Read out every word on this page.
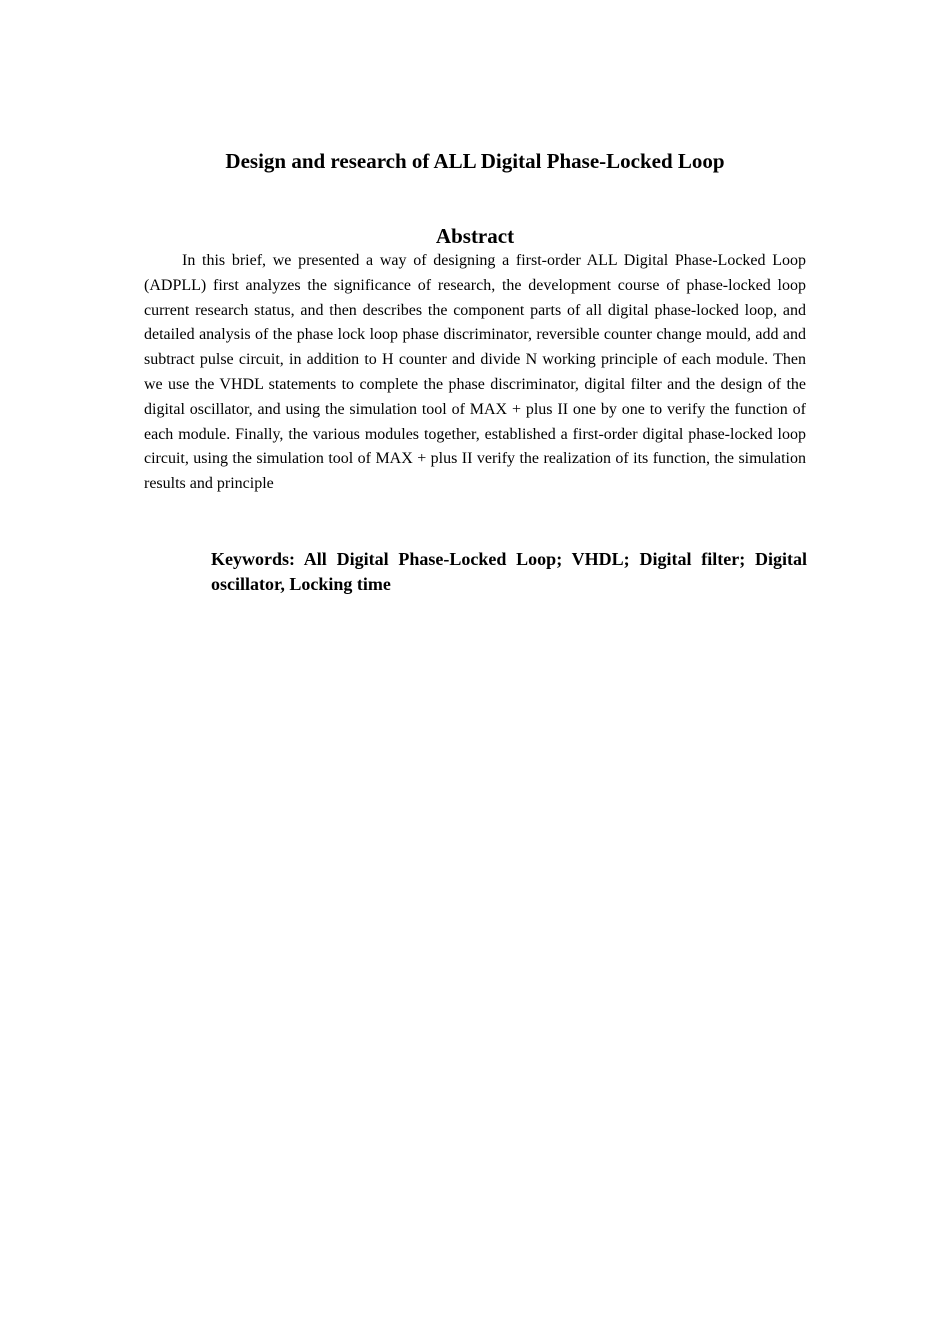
Design and research of ALL Digital Phase-Locked Loop
Abstract

In this brief, we presented a way of designing a first-order ALL Digital Phase-Locked Loop (ADPLL) first analyzes the significance of research, the development course of phase-locked loop current research status, and then describes the component parts of all digital phase-locked loop, and detailed analysis of the phase lock loop phase discriminator, reversible counter change mould, add and subtract pulse circuit, in addition to H counter and divide N working principle of each module. Then we use the VHDL statements to complete the phase discriminator, digital filter and the design of the digital oscillator, and using the simulation tool of MAX + plus II one by one to verify the function of each module. Finally, the various modules together, established a first-order digital phase-locked loop circuit, using the simulation tool of MAX + plus II verify the realization of its function, the simulation results and principle

Keywords: All Digital Phase-Locked Loop; VHDL; Digital filter; Digital oscillator, Locking time
